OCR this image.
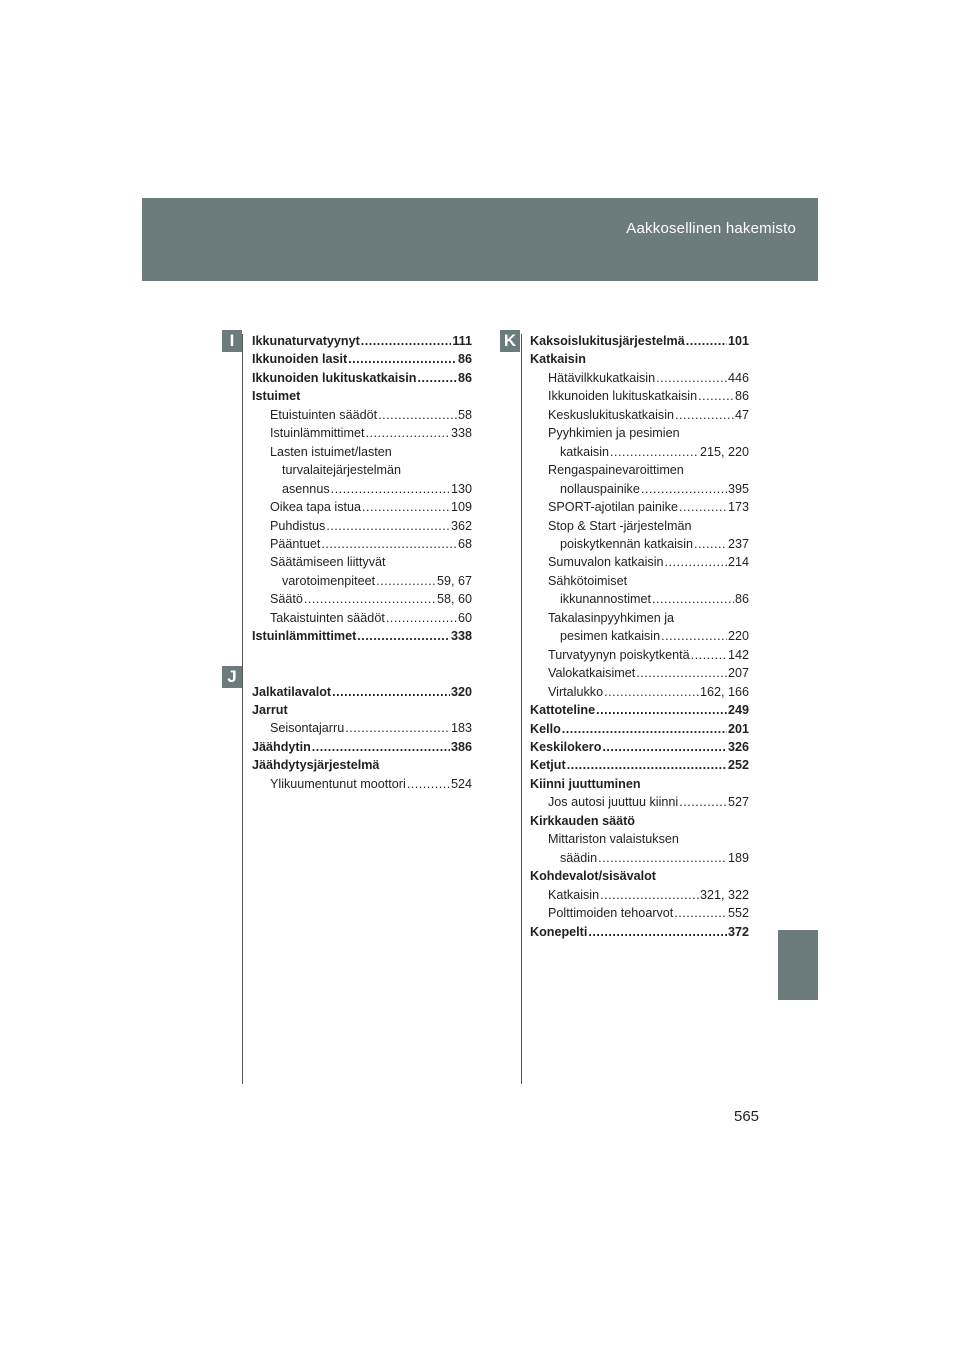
Aakkosellinen hakemisto
I
J
K
Ikkunaturvatyynyt .....	111
Ikkunoiden lasit .....	86
Ikkunoiden lukituskatkaisin .....	86
Istuimet
Etuistuinten säädöt .....	58
Istuinlämmittimet .....	338
Lasten istuimet/lasten
turvalaitejärjestelmän
asennus .....	130
Oikea tapa istua .....	109
Puhdistus .....	362
Pääntuet .....	68
Säätämiseen liittyvät
varotoimenpiteet .....	59, 67
Säätö .....	58, 60
Takaistuinten säädöt .....	60
Istuinlämmittimet .....	338
Jalkatilavalot .....	320
Jarrut
Seisontajarru .....	183
Jäähdytin .....	386
Jäähdytysjärjestelmä
Ylikuumentunut moottori .....	524
Kaksoislukitusjärjestelmä .....	101
Katkaisin
Hätävilkkukatkaisin .....	446
Ikkunoiden lukituskatkaisin .....	86
Keskuslukituskatkaisin .....	47
Pyyhkimien ja pesimien
katkaisin .....	215, 220
Rengaspainevaroittimen
nollauspainike .....	395
SPORT-ajotilan painike .....	173
Stop & Start -järjestelmän
poiskytkennän katkaisin .....	237
Sumuvalon katkaisin .....	214
Sähkötoimiset
ikkunannostimet .....	86
Takalasinpyyhkimen ja
pesimen katkaisin .....	220
Turvatyynyn poiskytkentä .....	142
Valokatkaisimet .....	207
Virtalukko .....	162, 166
Kattoteline .....	249
Kello .....	201
Keskilokero .....	326
Ketjut .....	252
Kiinni juuttuminen
Jos autosi juuttuu kiinni .....	527
Kirkkauden säätö
Mittariston valaistuksen
säädin .....	189
Kohdevalot/sisävalot
Katkaisin .....	321, 322
Polttimoiden tehoarvot .....	552
Konepelti .....	372
565
